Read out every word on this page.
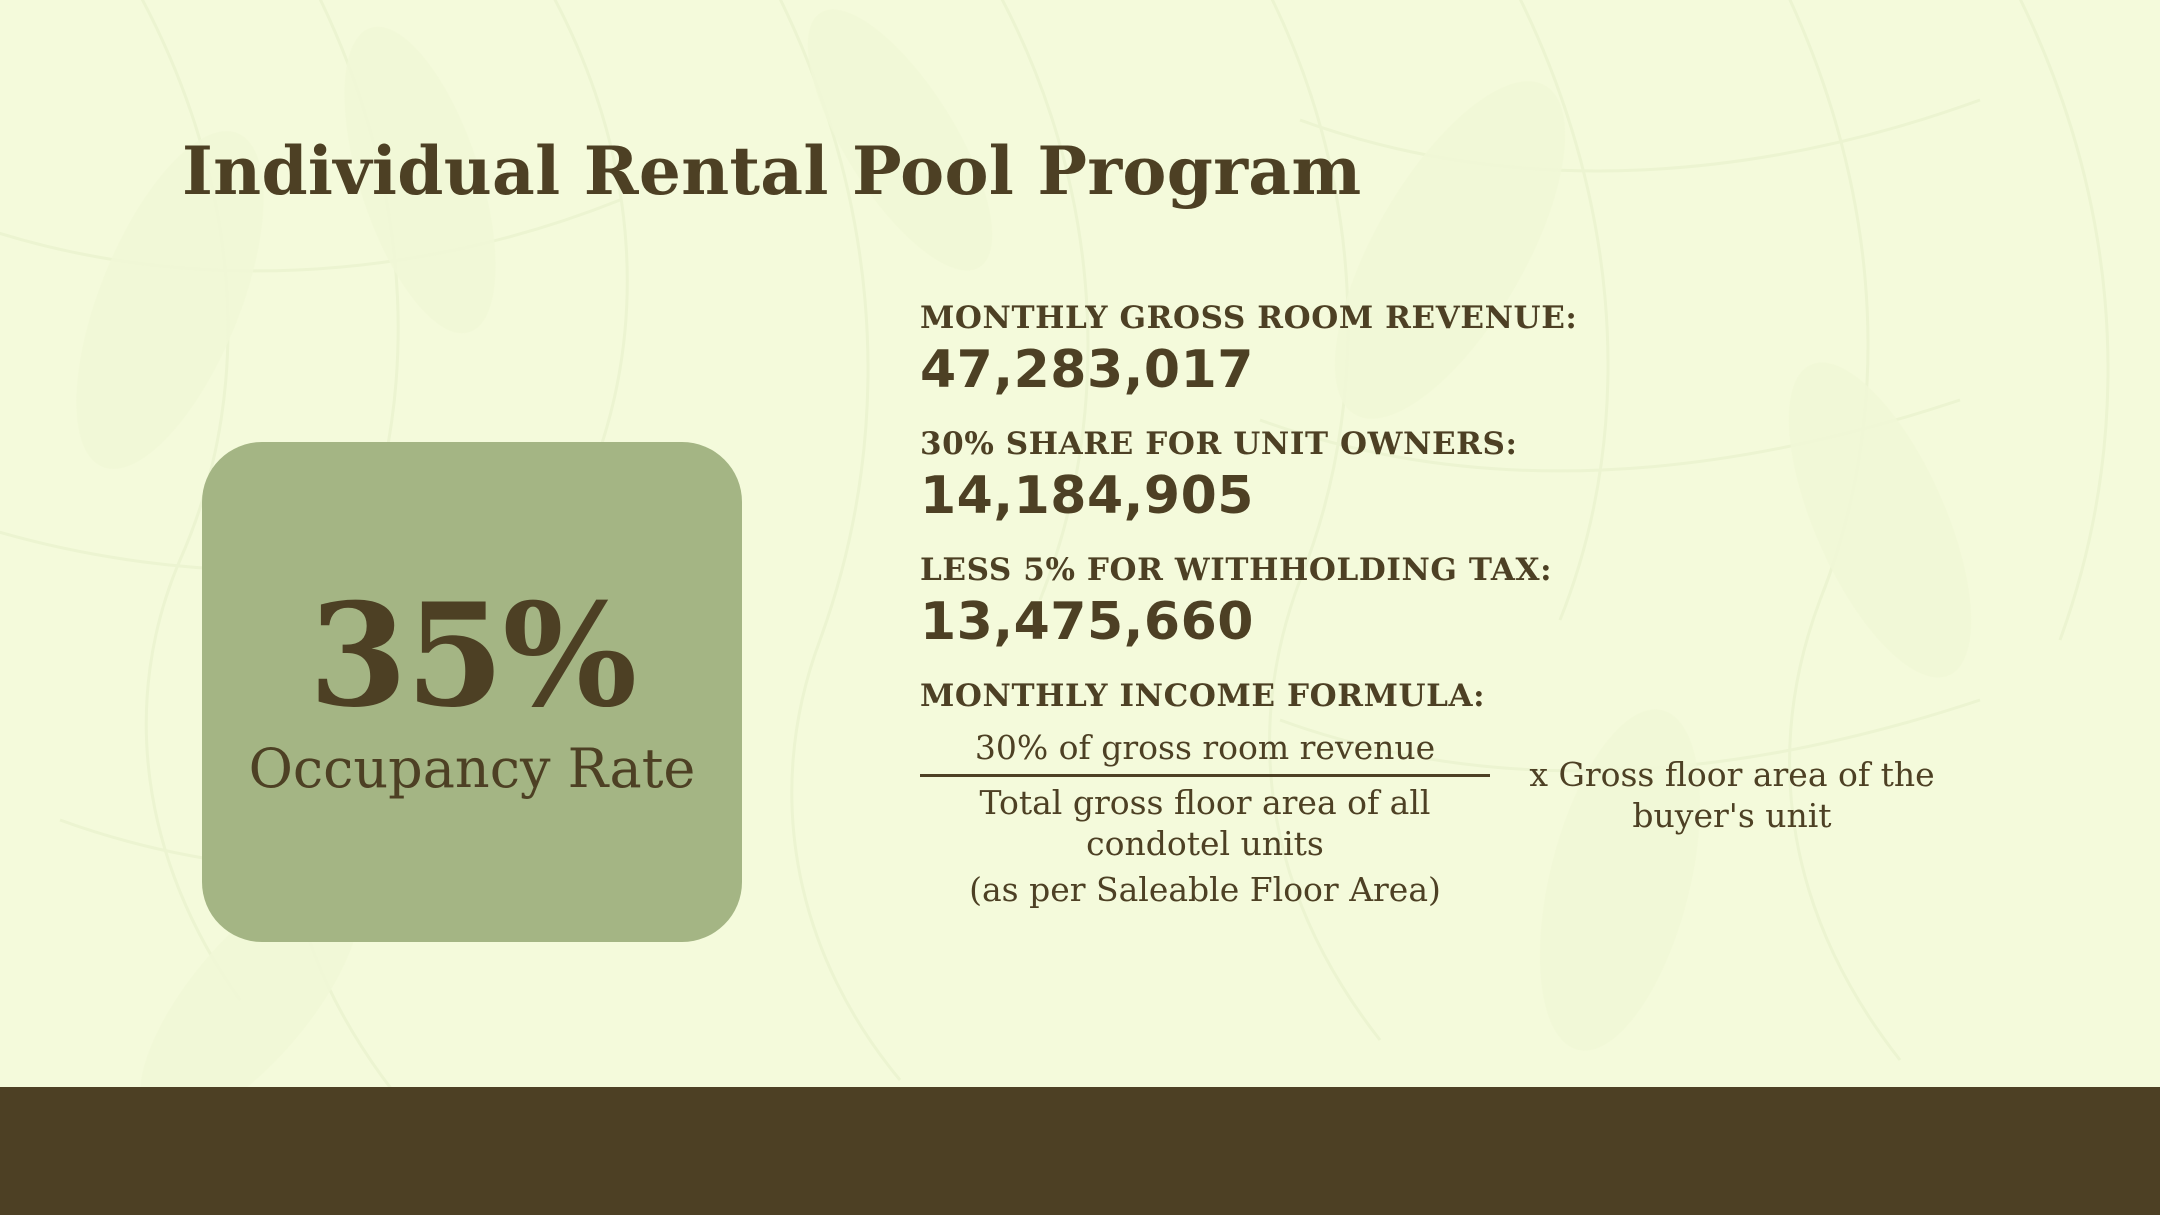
Individual Rental Pool Program
35%
Occupancy Rate
MONTHLY GROSS ROOM REVENUE:
47,283,017
30% SHARE FOR UNIT OWNERS:
14,184,905
LESS 5% FOR WITHHOLDING TAX:
13,475,660
MONTHLY INCOME FORMULA:
30% of gross room revenue
Total gross floor area of all condotel units
(as per Saleable Floor Area)
x Gross floor area of the buyer's unit
